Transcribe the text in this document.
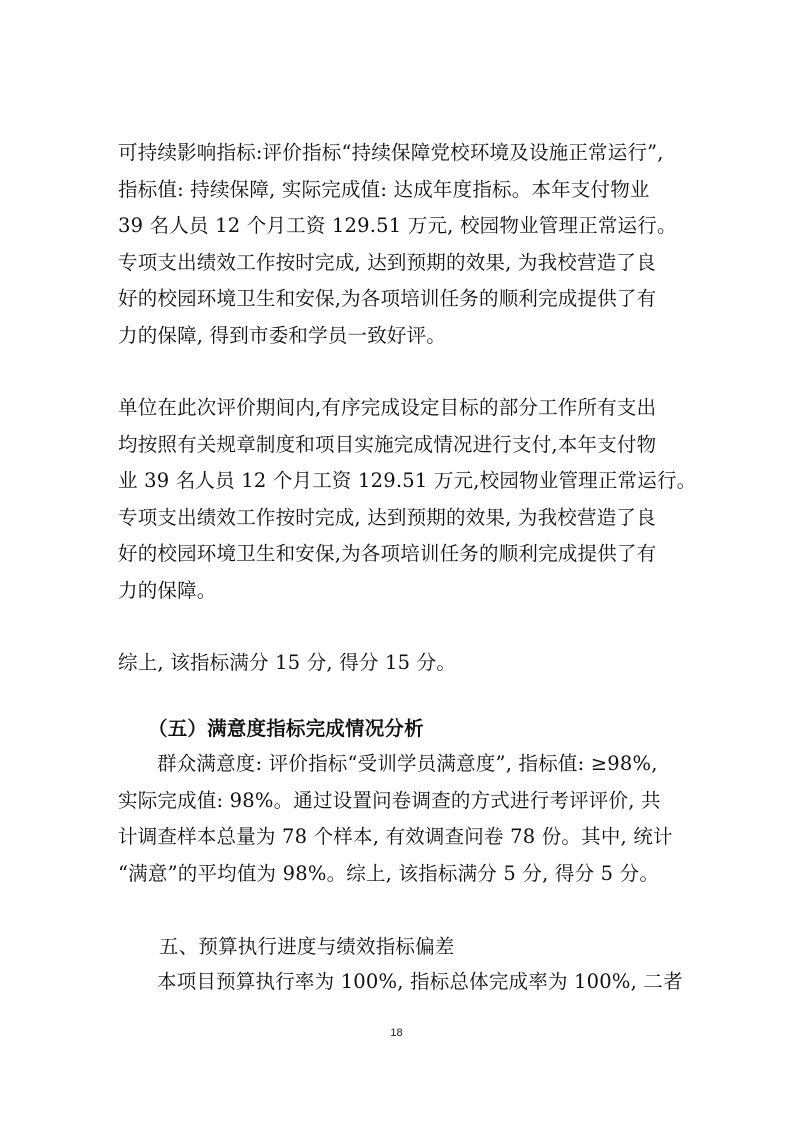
可持续影响指标:评价指标“持续保障党校环境及设施正常运行”,
指标值: 持续保障, 实际完成值: 达成年度指标。本年支付物业
39 名人员 12 个月工资 129.51 万元, 校园物业管理正常运行。
专项支出绩效工作按时完成, 达到预期的效果, 为我校营造了良
好的校园环境卫生和安保,为各项培训任务的顺利完成提供了有
力的保障, 得到市委和学员一致好评。
单位在此次评价期间内,有序完成设定目标的部分工作所有支出
均按照有关规章制度和项目实施完成情况进行支付,本年支付物
业 39 名人员 12 个月工资 129.51 万元,校园物业管理正常运行。
专项支出绩效工作按时完成, 达到预期的效果, 为我校营造了良
好的校园环境卫生和安保,为各项培训任务的顺利完成提供了有
力的保障。
综上, 该指标满分 15 分, 得分 15 分。
（五）满意度指标完成情况分析
群众满意度: 评价指标“受训学员满意度”, 指标值: ≥98%,
实际完成值: 98%。通过设置问卷调查的方式进行考评评价, 共
计调查样本总量为 78 个样本, 有效调查问卷 78 份。其中, 统计
“满意”的平均值为 98%。综上, 该指标满分 5 分, 得分 5 分。
五、预算执行进度与绩效指标偏差
本项目预算执行率为 100%, 指标总体完成率为 100%, 二者
18
